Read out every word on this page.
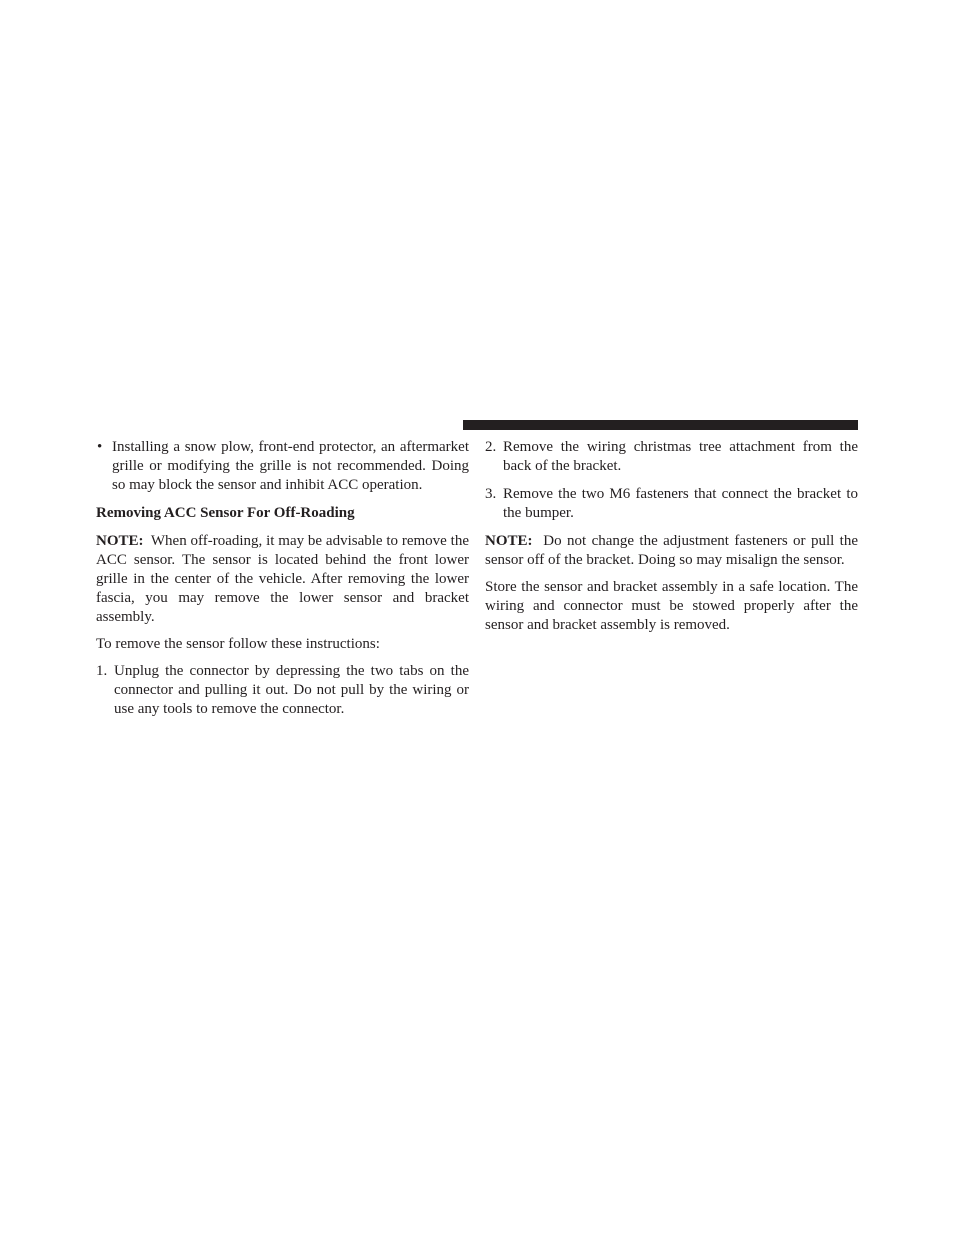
• Installing a snow plow, front-end protector, an aftermarket grille or modifying the grille is not recommended. Doing so may block the sensor and inhibit ACC operation.
Removing ACC Sensor For Off-Roading

NOTE: When off-roading, it may be advisable to remove the ACC sensor. The sensor is located behind the front lower grille in the center of the vehicle. After removing the lower fascia, you may remove the lower sensor and bracket assembly.

To remove the sensor follow these instructions:

1. Unplug the connector by depressing the two tabs on the connector and pulling it out. Do not pull by the wiring or use any tools to remove the connector.
2. Remove the wiring christmas tree attachment from the back of the bracket.
3. Remove the two M6 fasteners that connect the bracket to the bumper.

NOTE: Do not change the adjustment fasteners or pull the sensor off of the bracket. Doing so may misalign the sensor.

Store the sensor and bracket assembly in a safe location. The wiring and connector must be stowed properly after the sensor and bracket assembly is removed.
